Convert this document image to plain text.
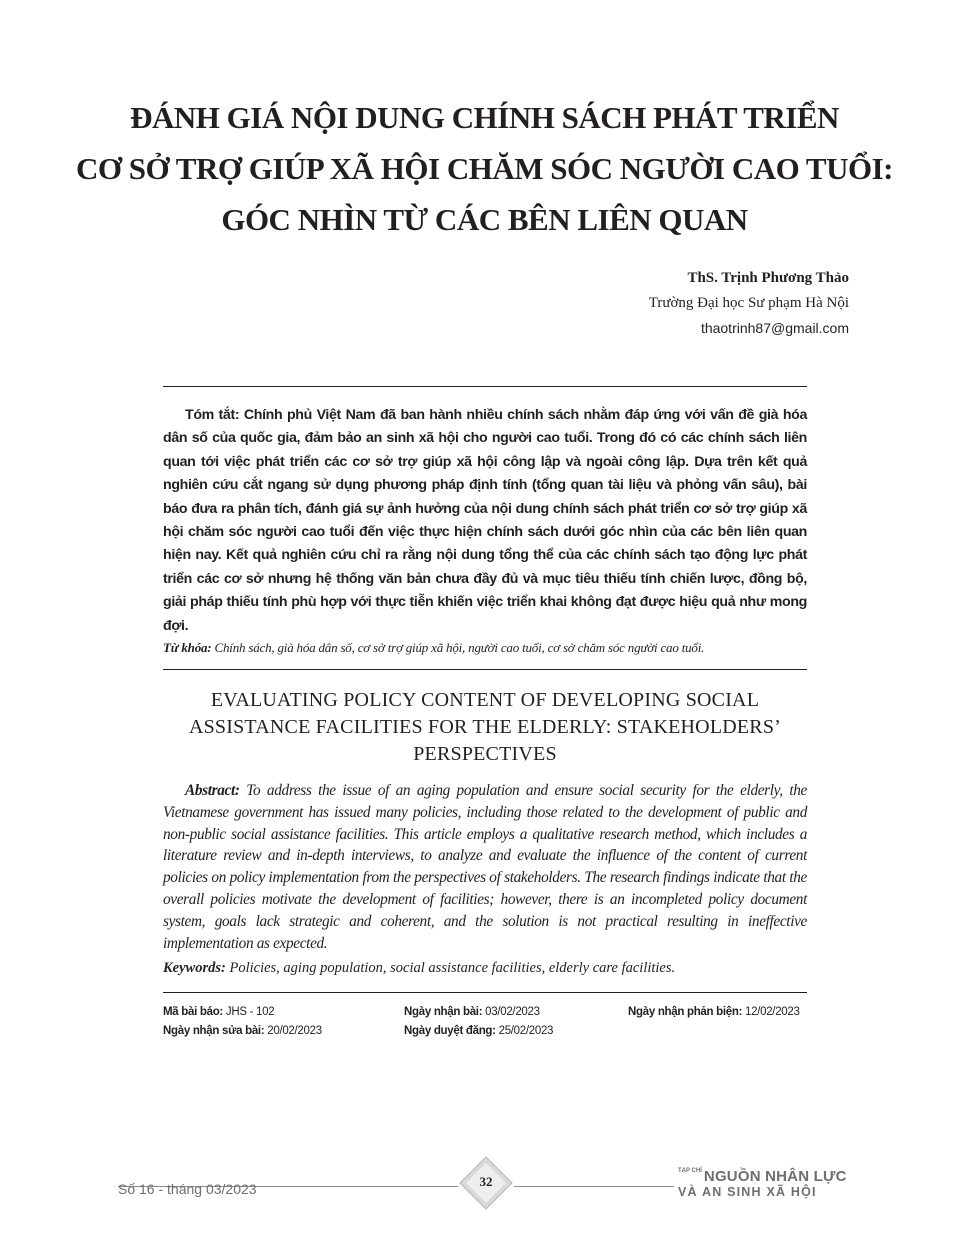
ĐÁNH GIÁ NỘI DUNG CHÍNH SÁCH PHÁT TRIỂN
CƠ SỞ TRỢ GIÚP XÃ HỘI CHĂM SÓC NGƯỜI CAO TUỔI:
GÓC NHÌN TỪ CÁC BÊN LIÊN QUAN
ThS. Trịnh Phương Thảo
Trường Đại học Sư phạm Hà Nội
thaotrinh87@gmail.com

Tóm tắt: Chính phủ Việt Nam đã ban hành nhiều chính sách nhằm đáp ứng với vấn đề già hóa dân số của quốc gia, đảm bảo an sinh xã hội cho người cao tuổi. Trong đó có các chính sách liên quan tới việc phát triển các cơ sở trợ giúp xã hội công lập và ngoài công lập. Dựa trên kết quả nghiên cứu cắt ngang sử dụng phương pháp định tính (tổng quan tài liệu và phỏng vấn sâu), bài báo đưa ra phân tích, đánh giá sự ảnh hưởng của nội dung chính sách phát triển cơ sở trợ giúp xã hội chăm sóc người cao tuổi đến việc thực hiện chính sách dưới góc nhìn của các bên liên quan hiện nay. Kết quả nghiên cứu chỉ ra rằng nội dung tổng thể của các chính sách tạo động lực phát triển các cơ sở nhưng hệ thống văn bản chưa đầy đủ và mục tiêu thiếu tính chiến lược, đồng bộ, giải pháp thiếu tính phù hợp với thực tiễn khiến việc triển khai không đạt được hiệu quả như mong đợi.

Từ khóa: Chính sách, già hóa dân số, cơ sở trợ giúp xã hội, người cao tuổi, cơ sở chăm sóc người cao tuổi.

EVALUATING POLICY CONTENT OF DEVELOPING SOCIAL
ASSISTANCE FACILITIES FOR THE ELDERLY: STAKEHOLDERS’
PERSPECTIVES

Abstract: To address the issue of an aging population and ensure social security for the elderly, the Vietnamese government has issued many policies, including those related to the development of public and non-public social assistance facilities. This article employs a qualitative research method, which includes a literature review and in-depth interviews, to analyze and evaluate the influence of the content of current policies on policy implementation from the perspectives of stakeholders. The research findings indicate that the overall policies motivate the development of facilities; however, there is an incompleted policy document system, goals lack strategic and coherent, and the solution is not practical resulting in ineffective implementation as expected.

Keywords: Policies, aging population, social assistance facilities, elderly care facilities.

Mã bài báo: JHS - 102	Ngày nhận bài: 03/02/2023	Ngày nhận phản biện: 12/02/2023
Ngày nhận sửa bài: 20/02/2023	Ngày duyệt đăng: 25/02/2023
Số 16 - tháng 03/2023	32
$^{TẠP CHÍ}$ NGUỒN NHÂN LỰC
VÀ AN SINH XÃ HỘI
